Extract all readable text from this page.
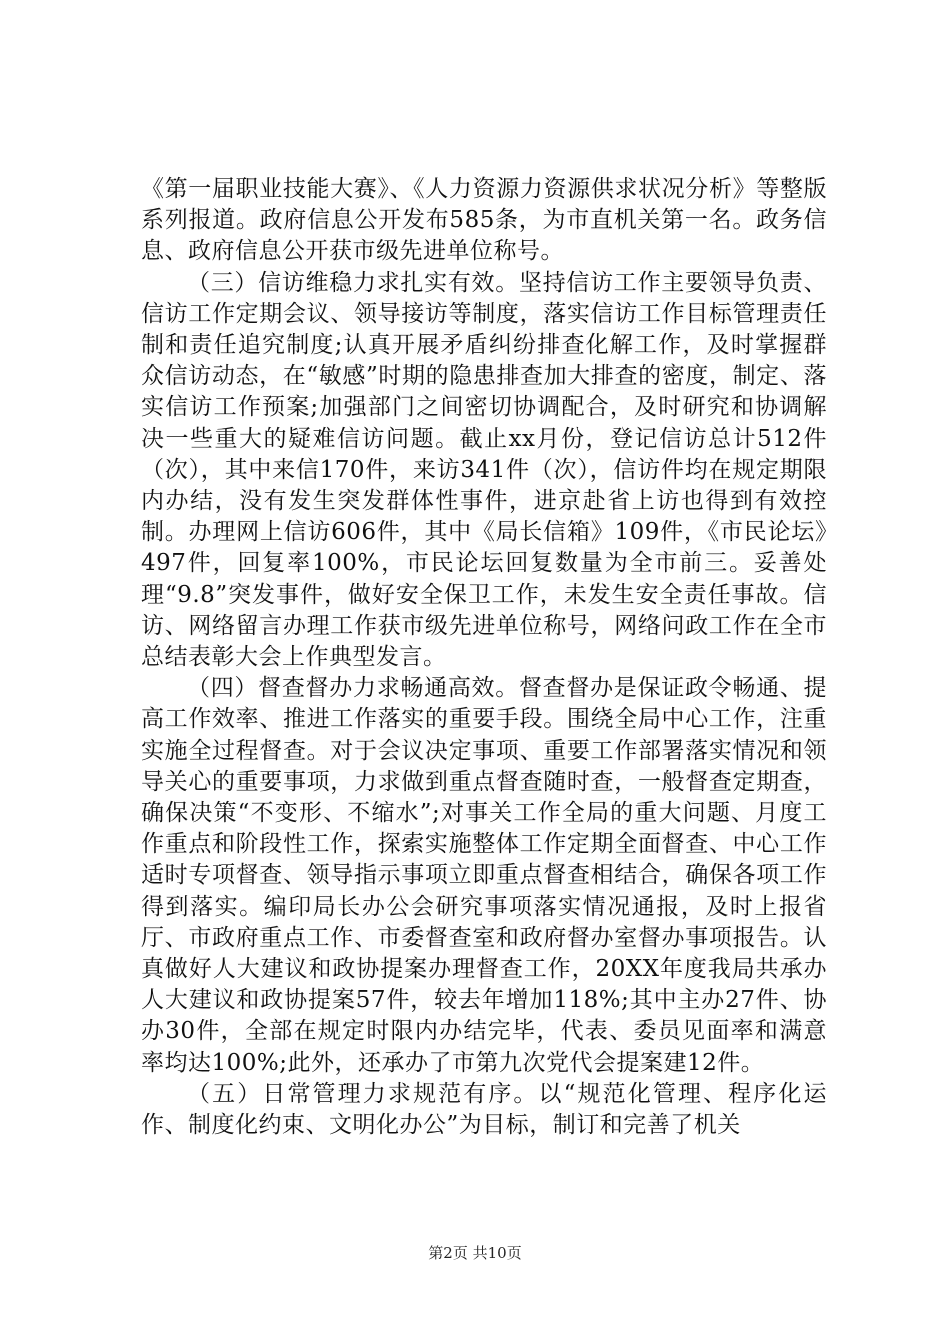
《第一届职业技能大赛》、《人力资源力资源供求状况分析》等整版系列报道。政府信息公开发布585条，为市直机关第一名。政务信息、政府信息公开获市级先进单位称号。

（三）信访维稳力求扎实有效。坚持信访工作主要领导负责、信访工作定期会议、领导接访等制度，落实信访工作目标管理责任制和责任追究制度;认真开展矛盾纠纷排查化解工作，及时掌握群众信访动态，在“敏感”时期的隐患排查加大排查的密度，制定、落实信访工作预案;加强部门之间密切协调配合，及时研究和协调解决一些重大的疑难信访问题。截止xx月份，登记信访总计512件（次），其中来信170件，来访341件（次），信访件均在规定期限内办结，没有发生突发群体性事件，进京赴省上访也得到有效控制。办理网上信访606件，其中《局长信箱》109件，《市民论坛》497件，回复率100%，市民论坛回复数量为全市前三。妥善处理“9.8”突发事件，做好安全保卫工作，未发生安全责任事故。信访、网络留言办理工作获市级先进单位称号，网络问政工作在全市总结表彰大会上作典型发言。

（四）督查督办力求畅通高效。督查督办是保证政令畅通、提高工作效率、推进工作落实的重要手段。围绕全局中心工作，注重实施全过程督查。对于会议决定事项、重要工作部署落实情况和领导关心的重要事项，力求做到重点督查随时查，一般督查定期查，确保决策“不变形、不缩水”;对事关工作全局的重大问题、月度工作重点和阶段性工作，探索实施整体工作定期全面督查、中心工作适时专项督查、领导指示事项立即重点督查相结合，确保各项工作得到落实。编印局长办公会研究事项落实情况通报，及时上报省厅、市政府重点工作、市委督查室和政府督办室督办事项报告。认真做好人大建议和政协提案办理督查工作，20XX年度我局共承办人大建议和政协提案57件，较去年增加118%;其中主办27件、协办30件，全部在规定时限内办结完毕，代表、委员见面率和满意率均达100%;此外，还承办了市第九次党代会提案建12件。

（五）日常管理力求规范有序。以“规范化管理、程序化运作、制度化约束、文明化办公”为目标，制订和完善了机关

第2页 共10页
